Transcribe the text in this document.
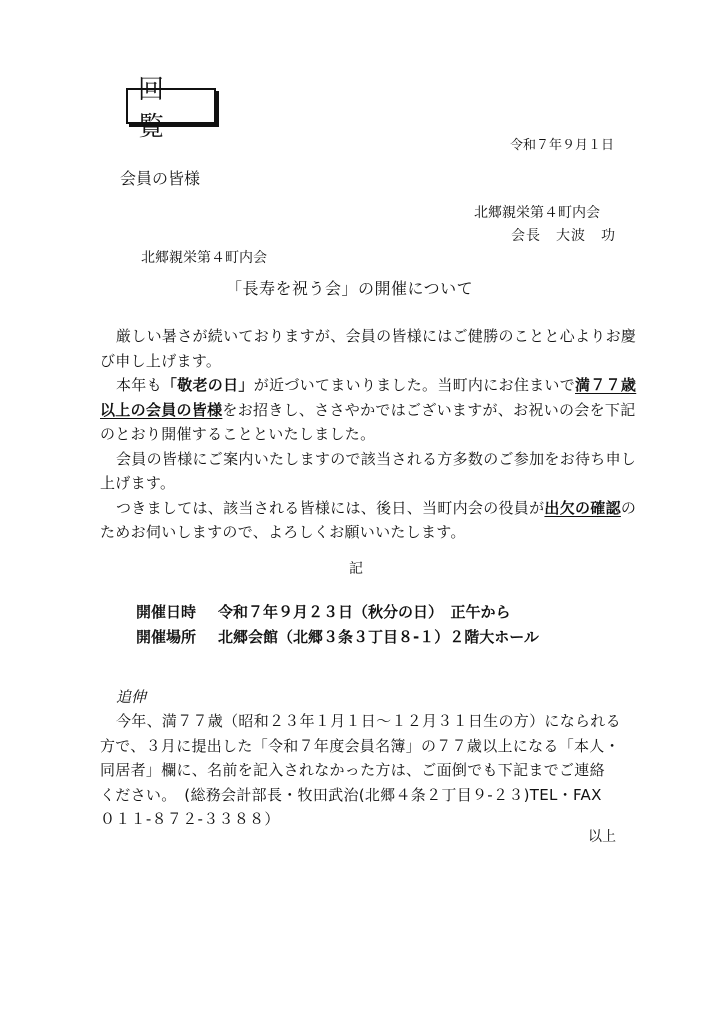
回覧
令和７年９月１日
会員の皆様
北郷親栄第４町内会
会長　大波　功
北郷親栄第４町内会
「長寿を祝う会」の開催について
厳しい暑さが続いておりますが、会員の皆様にはご健勝のことと心よりお慶
び申し上げます。
本年も「敬老の日」が近づいてまいりました。当町内にお住まいで満７７歳
以上の会員の皆様をお招きし、ささやかではございますが、お祝いの会を下記
のとおり開催することといたしました。
会員の皆様にご案内いたしますので該当される方多数のご参加をお待ち申し
上げます。
つきましては、該当される皆様には、後日、当町内会の役員が出欠の確認の
ためお伺いしますので、よろしくお願いいたします。
記
開催日時 令和７年９月２３日（秋分の日）　正午から
開催場所 北郷会館（北郷３条３丁目８-１）２階大ホール
追伸
今年、満７７歳（昭和２３年１月１日～１２月３１日生の方）になられる
方で、３月に提出した「令和７年度会員名簿」の７７歳以上になる「本人・
同居者」欄に、名前を記入されなかった方は、ご面倒でも下記までご連絡
ください。　(総務会計部長・牧田武治(北郷４条２丁目９-２３)TEL・FAX
０１１-８７２-３３８８）
以上
